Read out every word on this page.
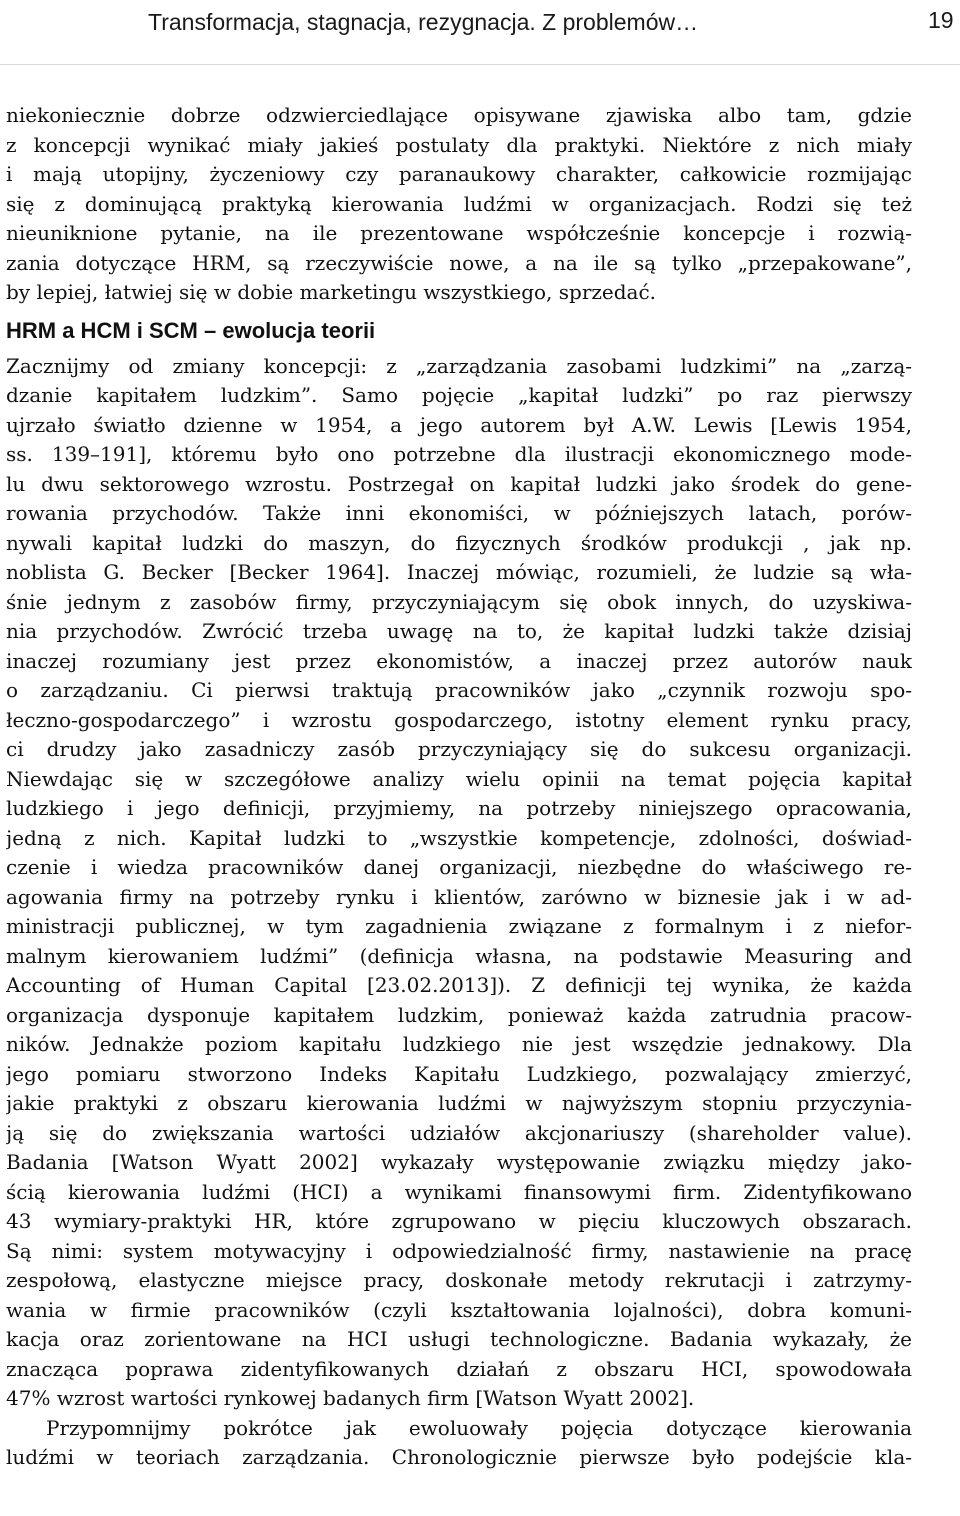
Transformacja, stagnacja, rezygnacja. Z problemów…	19
niekoniecznie dobrze odzwierciedlające opisywane zjawiska albo tam, gdzie
z koncepcji wynikać miały jakieś postulaty dla praktyki. Niektóre z nich miały
i mają utopijny, życzeniowy czy paranaukowy charakter, całkowicie rozmijając
się z dominującą praktyką kierowania ludźmi w organizacjach. Rodzi się też
nieuniknione pytanie, na ile prezentowane współcześnie koncepcje i rozwią-
zania dotyczące HRM, są rzeczywiście nowe, a na ile są tylko „przepakowane”,
by lepiej, łatwiej się w dobie marketingu wszystkiego, sprzedać.
HRM a HCM i SCM – ewolucja teorii
Zacznijmy od zmiany koncepcji: z „zarządzania zasobami ludzkimi” na „zarzą-
dzanie kapitałem ludzkim”. Samo pojęcie „kapitał ludzki” po raz pierwszy
ujrzało światło dzienne w 1954, a jego autorem był A.W. Lewis [Lewis 1954,
ss. 139–191], któremu było ono potrzebne dla ilustracji ekonomicznego mode-
lu dwu sektorowego wzrostu. Postrzegał on kapitał ludzki jako środek do gene-
rowania przychodów. Także inni ekonomiści, w późniejszych latach, porów-
nywali kapitał ludzki do maszyn, do fizycznych środków produkcji , jak np.
noblista G. Becker [Becker 1964]. Inaczej mówiąc, rozumieli, że ludzie są wła-
śnie jednym z zasobów firmy, przyczyniającym się obok innych, do uzyskiwa-
nia przychodów. Zwrócić trzeba uwagę na to, że kapitał ludzki także dzisiaj
inaczej rozumiany jest przez ekonomistów, a inaczej przez autorów nauk
o zarządzaniu. Ci pierwsi traktują pracowników jako „czynnik rozwoju spo-
łeczno-gospodarczego” i wzrostu gospodarczego, istotny element rynku pracy,
ci drudzy jako zasadniczy zasób przyczyniający się do sukcesu organizacji.
Niewdając się w szczegółowe analizy wielu opinii na temat pojęcia kapitał
ludzkiego i jego definicji, przyjmiemy, na potrzeby niniejszego opracowania,
jedną z nich. Kapitał ludzki to „wszystkie kompetencje, zdolności, doświad-
czenie i wiedza pracowników danej organizacji, niezbędne do właściwego re-
agowania firmy na potrzeby rynku i klientów, zarówno w biznesie jak i w ad-
ministracji publicznej, w tym zagadnienia związane z formalnym i z niefor-
malnym kierowaniem ludźmi” (definicja własna, na podstawie Measuring and
Accounting of Human Capital [23.02.2013]). Z definicji tej wynika, że każda
organizacja dysponuje kapitałem ludzkim, ponieważ każda zatrudnia pracow-
ników. Jednakże poziom kapitału ludzkiego nie jest wszędzie jednakowy. Dla
jego pomiaru stworzono Indeks Kapitału Ludzkiego, pozwalający zmierzyć,
jakie praktyki z obszaru kierowania ludźmi w najwyższym stopniu przyczynia-
ją się do zwiększania wartości udziałów akcjonariuszy (shareholder value).
Badania [Watson Wyatt 2002] wykazały występowanie związku między jako-
ścią kierowania ludźmi (HCI) a wynikami finansowymi firm. Zidentyfikowano
43 wymiary-praktyki HR, które zgrupowano w pięciu kluczowych obszarach.
Są nimi: system motywacyjny i odpowiedzialność firmy, nastawienie na pracę
zespołową, elastyczne miejsce pracy, doskonałe metody rekrutacji i zatrzymy-
wania w firmie pracowników (czyli kształtowania lojalności), dobra komuni-
kacja oraz zorientowane na HCI usługi technologiczne. Badania wykazały, że
znacząca poprawa zidentyfikowanych działań z obszaru HCI, spowodowała
47% wzrost wartości rynkowej badanych firm [Watson Wyatt 2002].
Przypomnijmy pokrótce jak ewoluowały pojęcia dotyczące kierowania
ludźmi w teoriach zarządzania. Chronologicznie pierwsze było podejście kla-
